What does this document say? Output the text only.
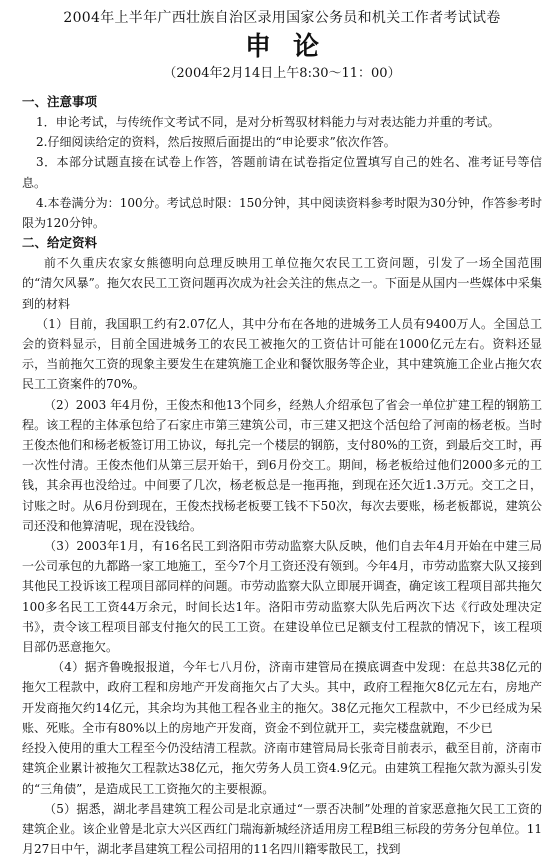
2004年上半年广西壮族自治区录用国家公务员和机关工作者考试试卷
申论
（2004年2月14日上午8:30～11：00）
一、注意事项

1．申论考试，与传统作文考试不同，是对分析驾驭材料能力与对表达能力并重的考试。

2.仔细阅读给定的资料，然后按照后面提出的“申论要求”依次作答。

3．本部分试题直接在试卷上作答，答题前请在试卷指定位置填写自己的姓名、准考证号等信息。

4.本卷满分为：100分。考试总时限：150分钟，其中阅读资料参考时限为30分钟，作答参考时限为120分钟。

二、给定资料

前不久重庆农家女熊德明向总理反映用工单位拖欠农民工工资问题，引发了一场全国范围的“清欠风暴”。拖欠农民工工资问题再次成为社会关注的焦点之一。下面是从国内一些媒体中采集到的材料

（1）目前，我国职工约有2.07亿人，其中分布在各地的进城务工人员有9400万人。全国总工会的资料显示，目前全国进城务工的农民工被拖欠的工资估计可能在1000亿元左右。资料还显示，当前拖欠工资的现象主要发生在建筑施工企业和餐饮服务等企业，其中建筑施工企业占拖欠农民工工资案件的70%。

（2）2003 年4月份，王俊杰和他13个同乡，经熟人介绍承包了省会一单位扩建工程的钢筋工程。该工程的主体承包给了石家庄市第三建筑公司，市三建又把这个活包给了河南的杨老板。当时王俊杰他们和杨老板签订用工协议，每扎完一个楼层的钢筋，支付80%的工资，到最后交工时，再一次性付清。王俊杰他们从第三层开始干，到6月份交工。期间，杨老板给过他们2000多元的工钱，其余再也没给过。中间要了几次，杨老板总是一拖再拖，到现在还欠近1.3万元。交工之日，讨账之时。从6月份到现在，王俊杰找杨老板要工钱不下50次，每次去要账，杨老板都说，建筑公司还没和他算清呢，现在没钱给。

（3）2003年1月，有16名民工到洛阳市劳动监察大队反映，他们自去年4月开始在中建三局一公司承包的九都路一家工地施工，至今7个月工资还没有领到。今年4月，市劳动监察大队又接到其他民工投诉该工程项目部同样的问题。市劳动监察大队立即展开调查，确定该工程项目部共拖欠100多名民工工资44万余元，时间长达1年。洛阳市劳动监察大队先后两次下达《行政处理决定书》，责令该工程项目部支付拖欠的民工工资。在建设单位已足额支付工程款的情况下，该工程项目部仍恶意拖欠。

（4）据齐鲁晚报报道，今年七八月份，济南市建管局在摸底调查中发现：在总共38亿元的拖欠工程款中，政府工程和房地产开发商拖欠占了大头。其中，政府工程拖欠8亿元左右，房地产开发商拖欠约14亿元，其余均为其他工程各业主的拖欠。38亿元拖欠工程款中，不少已经成为呆账、死账。全市有80%以上的房地产开发商，资金不到位就开工，卖完楼盘就跑，不少已

经投入使用的重大工程至今仍没结清工程款。济南市建管局局长张奇目前表示，截至目前，济南市建筑企业累计被拖欠工程款达38亿元，拖欠劳务人员工资4.9亿元。由建筑工程拖欠款为源头引发的“三角债”，是造成民工工资拖欠的主要根源。

（5）据悉，湖北孝昌建筑工程公司是北京通过“一票否决制”处理的首家恶意拖欠民工工资的建筑企业。该企业曾是北京大兴区西红门瑞海新城经济适用房工程B组三标段的劳务分包单位。11月27日中午，湖北孝昌建筑工程公司招用的11名四川籍零散民工，找到
